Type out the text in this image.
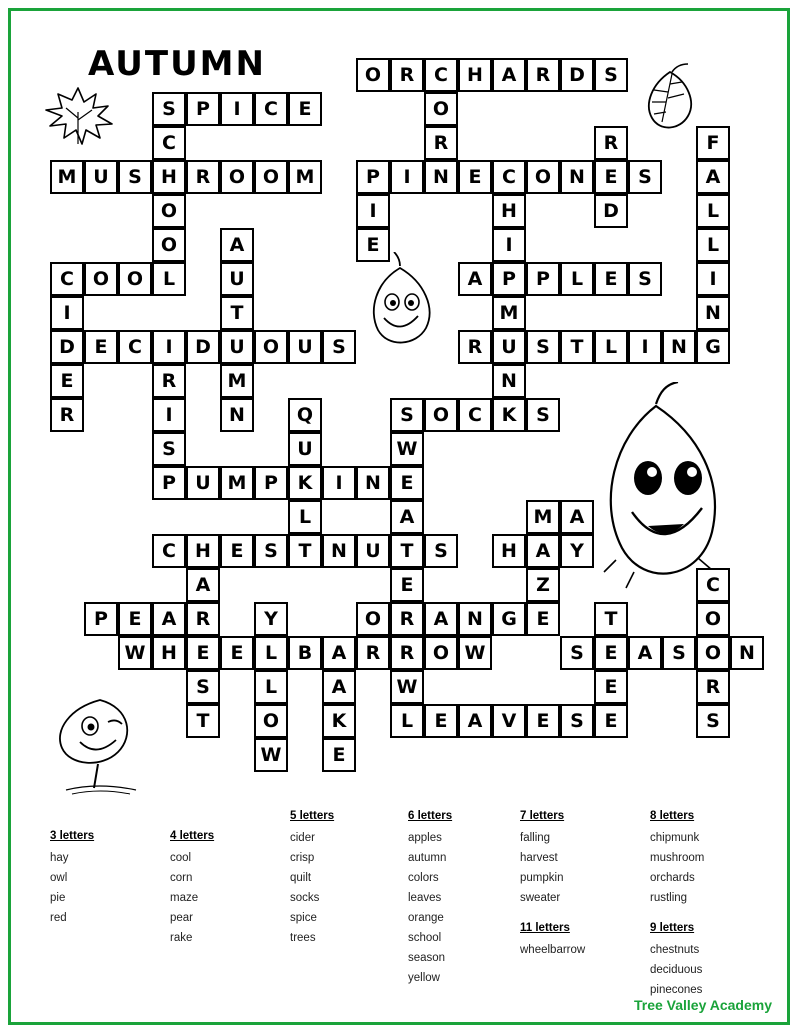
AUTUMN	O R	C	H A	R D	S
S	P	I	C	E	O
C	R	R	F
M U	S	H R O O M	P	I	N	E	C O N	E	S	A
O	I	H	D	L
O	A	E	I	L
C O O	L	U	A	P	P	L	E	S	I
I	T	M	N
D	E	C	I	D U O U	S	R U	S	T	L	I	N G
E	R	M	N
R	I	N	Q	S	O C	K	S
S	U	W
P	U M P	K	I	N	E
L	A	M A
C	H	E	S	T	N U	T	S	H A	Y
A	E	Z	C
P	E	A	R	Y	O R	A N G	E	T	O
W H	E	E	L	B	A	R	R O W	S	E	A	S	O N
S	L	A	W	E	R
T	O	K	L	E	A	V	E	S	E	S
W	E
3 letters
hay
owl
pie
red
4 letters
cool
corn
maze
pear
rake
5 letters
cider
crisp
quilt
socks
spice
trees
6 letters
apples
autumn
colors
leaves
orange
school
season
yellow
7 letters
falling
harvest
pumpkin
sweater
11 letters
wheelbarrow
8 letters
chipmunk
mushroom
orchards
rustling
9 letters
chestnuts
deciduous
pinecones
Tree Valley Academy
